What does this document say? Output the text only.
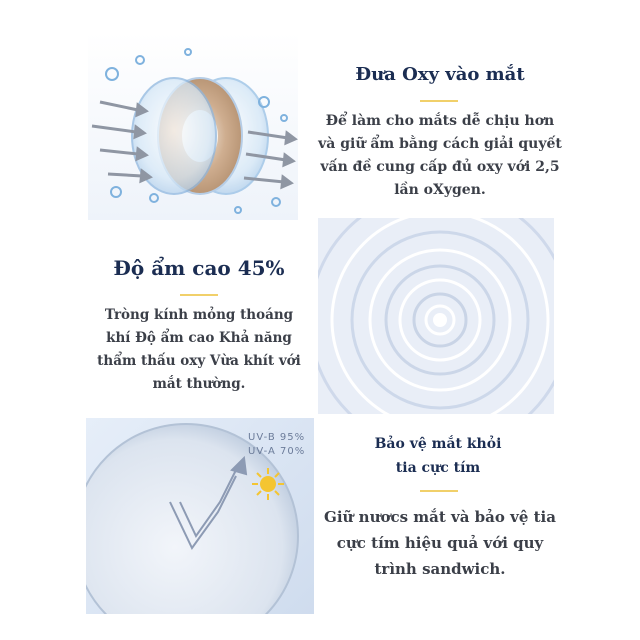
Đưa Oxy vào mắt
Để làm cho mắts dễ chịu hơn và giữ ẩm bằng cách giải quyết vấn đề cung cấp đủ oxy với 2,5 lần oXygen.
Độ ẩm cao 45%
Tròng kính mỏng thoáng khí Độ ẩm cao Khả năng thẩm thấu oxy Vừa khít với mắt thường.
UV-B 95%
UV-A 70%	Bảo vệ mắt khỏi
tia cực tím
Giữ nươcs mắt và bảo vệ tia cực tím hiệu quả với quy trình sandwich.
